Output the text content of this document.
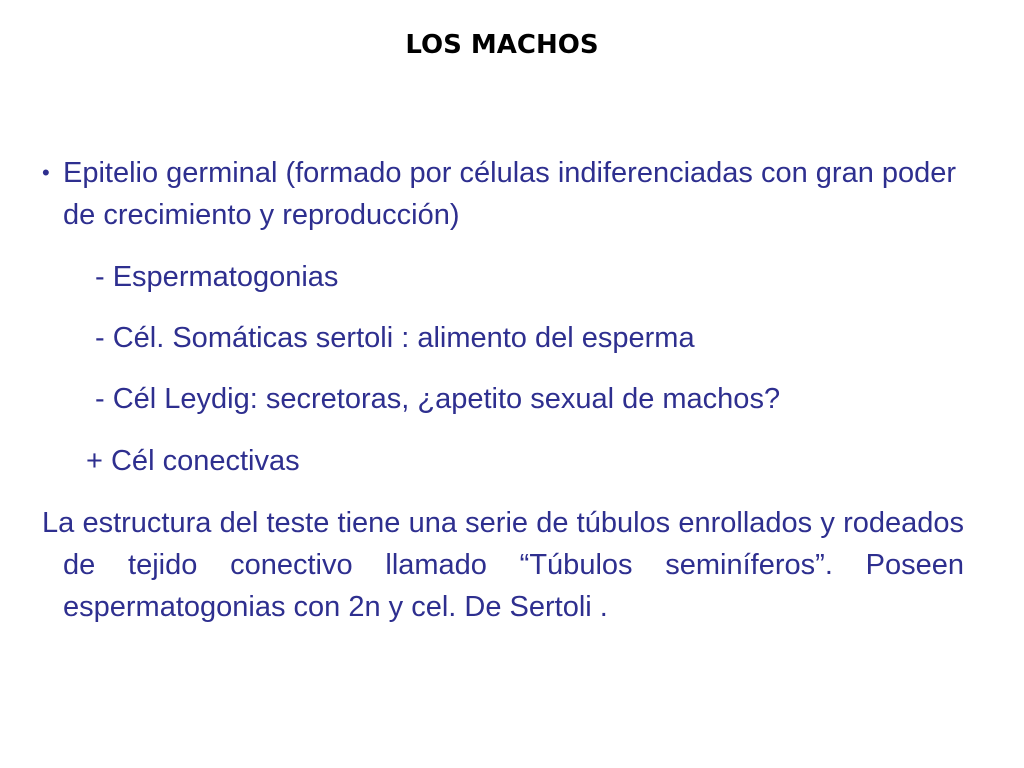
LOS MACHOS
• Epitelio germinal (formado por células indiferenciadas con gran poder de crecimiento y reproducción)
- Espermatogonias
- Cél. Somáticas sertoli : alimento del esperma
- Cél Leydig: secretoras, ¿apetito sexual de machos?
+ Cél conectivas
La estructura del teste tiene una serie de túbulos enrollados y rodeados de tejido conectivo llamado “Túbulos seminíferos”. Poseen espermatogonias con 2n y cel. De Sertoli .
